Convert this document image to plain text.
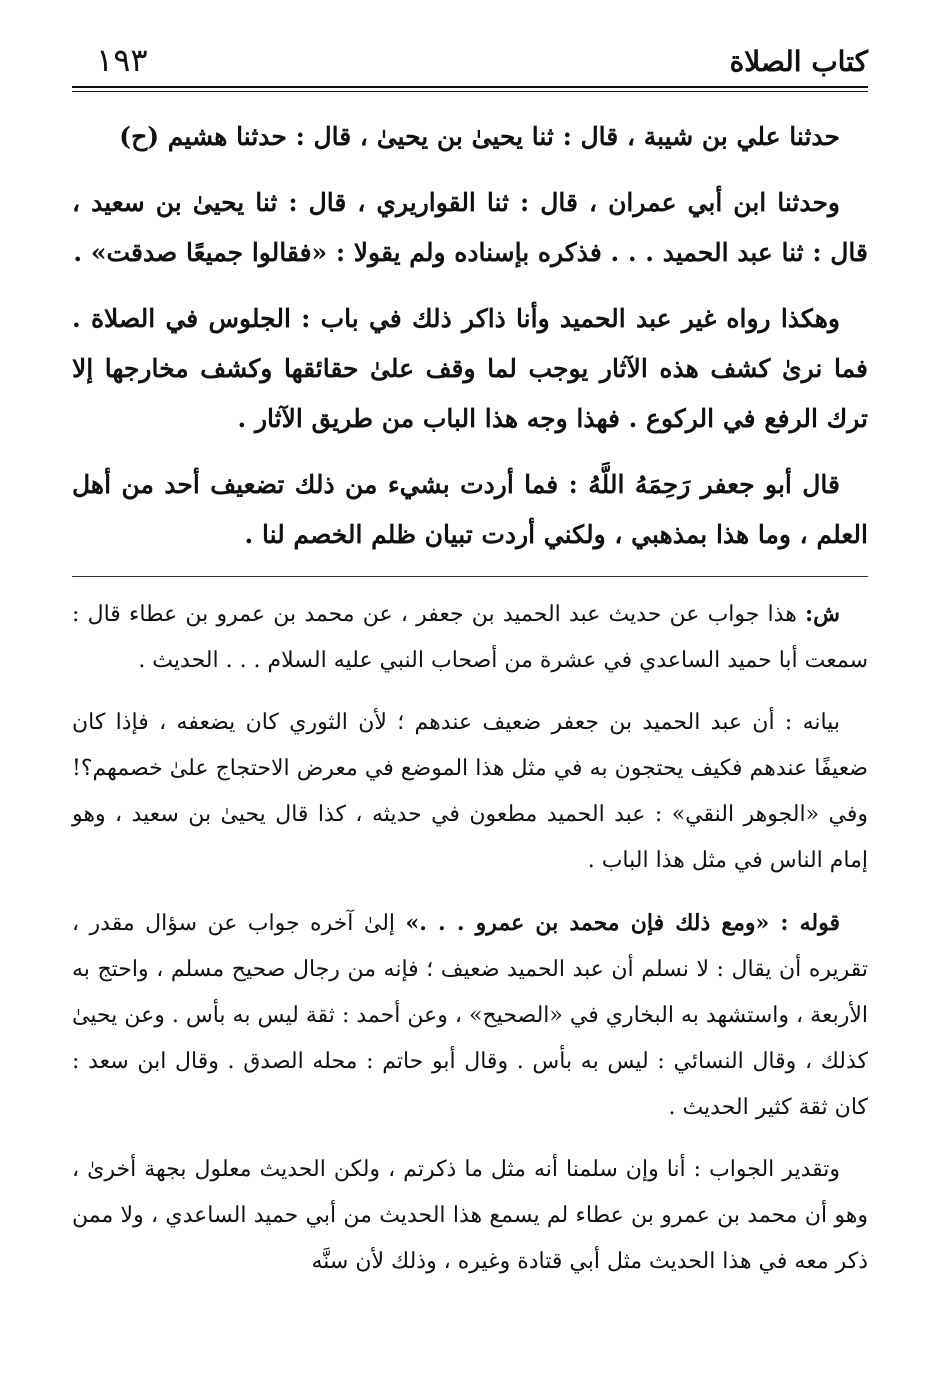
كتاب الصلاة
١٩٣

حدثنا علي بن شيبة ، قال : ثنا يحيىٰ بن يحيىٰ ، قال : حدثنا هشيم (ح)

وحدثنا ابن أبي عمران ، قال : ثنا القواريري ، قال : ثنا يحيىٰ بن سعيد ، قال : ثنا عبد الحميد . . . فذكره بإسناده ولم يقولا : «فقالوا جميعًا صدقت» .

وهكذا رواه غير عبد الحميد وأنا ذاكر ذلك في باب : الجلوس في الصلاة . فما نرىٰ كشف هذه الآثار يوجب لما وقف علىٰ حقائقها وكشف مخارجها إلا ترك الرفع في الركوع . فهذا وجه هذا الباب من طريق الآثار .

قال أبو جعفر رَحِمَهُ اللَّهُ : فما أردت بشيء من ذلك تضعيف أحد من أهل العلم ، وما هذا بمذهبي ، ولكني أردت تبيان ظلم الخصم لنا .

ش: هذا جواب عن حديث عبد الحميد بن جعفر ، عن محمد بن عمرو بن عطاء قال : سمعت أبا حميد الساعدي في عشرة من أصحاب النبي عليه السلام . . . الحديث .

بيانه : أن عبد الحميد بن جعفر ضعيف عندهم ؛ لأن الثوري كان يضعفه ، فإذا كان ضعيفًا عندهم فكيف يحتجون به في مثل هذا الموضع في معرض الاحتجاج علىٰ خصمهم؟! وفي «الجوهر النقي» : عبد الحميد مطعون في حديثه ، كذا قال يحيىٰ بن سعيد ، وهو إمام الناس في مثل هذا الباب .

قوله : «ومع ذلك فإن محمد بن عمرو . . .» إلىٰ آخره جواب عن سؤال مقدر ، تقريره أن يقال : لا نسلم أن عبد الحميد ضعيف ؛ فإنه من رجال صحيح مسلم ، واحتج به الأربعة ، واستشهد به البخاري في «الصحيح» ، وعن أحمد : ثقة ليس به بأس . وعن يحيىٰ كذلك ، وقال النسائي : ليس به بأس . وقال أبو حاتم : محله الصدق . وقال ابن سعد : كان ثقة كثير الحديث .

وتقدير الجواب : أنا وإن سلمنا أنه مثل ما ذكرتم ، ولكن الحديث معلول بجهة أخرىٰ ، وهو أن محمد بن عمرو بن عطاء لم يسمع هذا الحديث من أبي حميد الساعدي ، ولا ممن ذكر معه في هذا الحديث مثل أبي قتادة وغيره ، وذلك لأن سنَّه
